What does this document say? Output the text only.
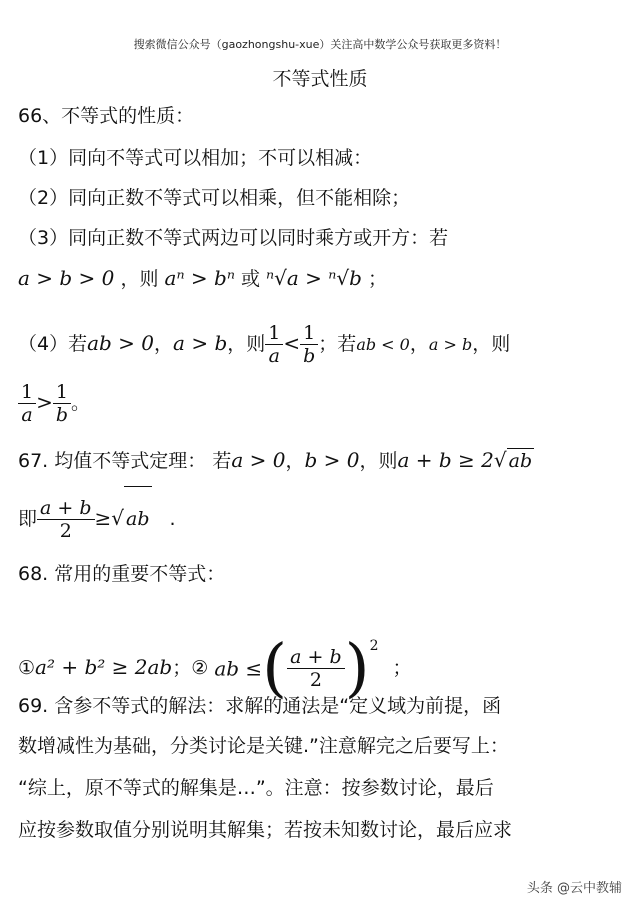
搜索微信公众号（gaozhongshu-xue）关注高中数学公众号获取更多资料！
不等式性质
66、不等式的性质：
（1）同向不等式可以相加；不可以相减：
（2）同向正数不等式可以相乘，但不能相除；
（3）同向正数不等式两边可以同时乘方或开方：若
a > b > 0 ，则 aⁿ > bⁿ 或 ⁿ√a > ⁿ√b ；
（4）若ab > 0，a > b，则 $\frac{1}{a} < \frac{1}{b}$ ；若ab < 0，a > b，则
$\frac{1}{a} > \frac{1}{b}$ 。
67. 均值不等式定理： 若a > 0，b > 0，则a + b ≥ 2√ ab
即 $\frac{a + b}{2}$ ≥√ ab .
68. 常用的重要不等式：
①a² + b² ≥ 2ab；② ab ≤( $\frac{a + b}{2} )^2$；
69. 含参不等式的解法：求解的通法是“定义域为前提，函
数增减性为基础，分类讨论是关键.”注意解完之后要写上：
“综上，原不等式的解集是…”。注意：按参数讨论，最后
应按参数取值分别说明其解集；若按未知数讨论，最后应求
头条 @云中教辅
